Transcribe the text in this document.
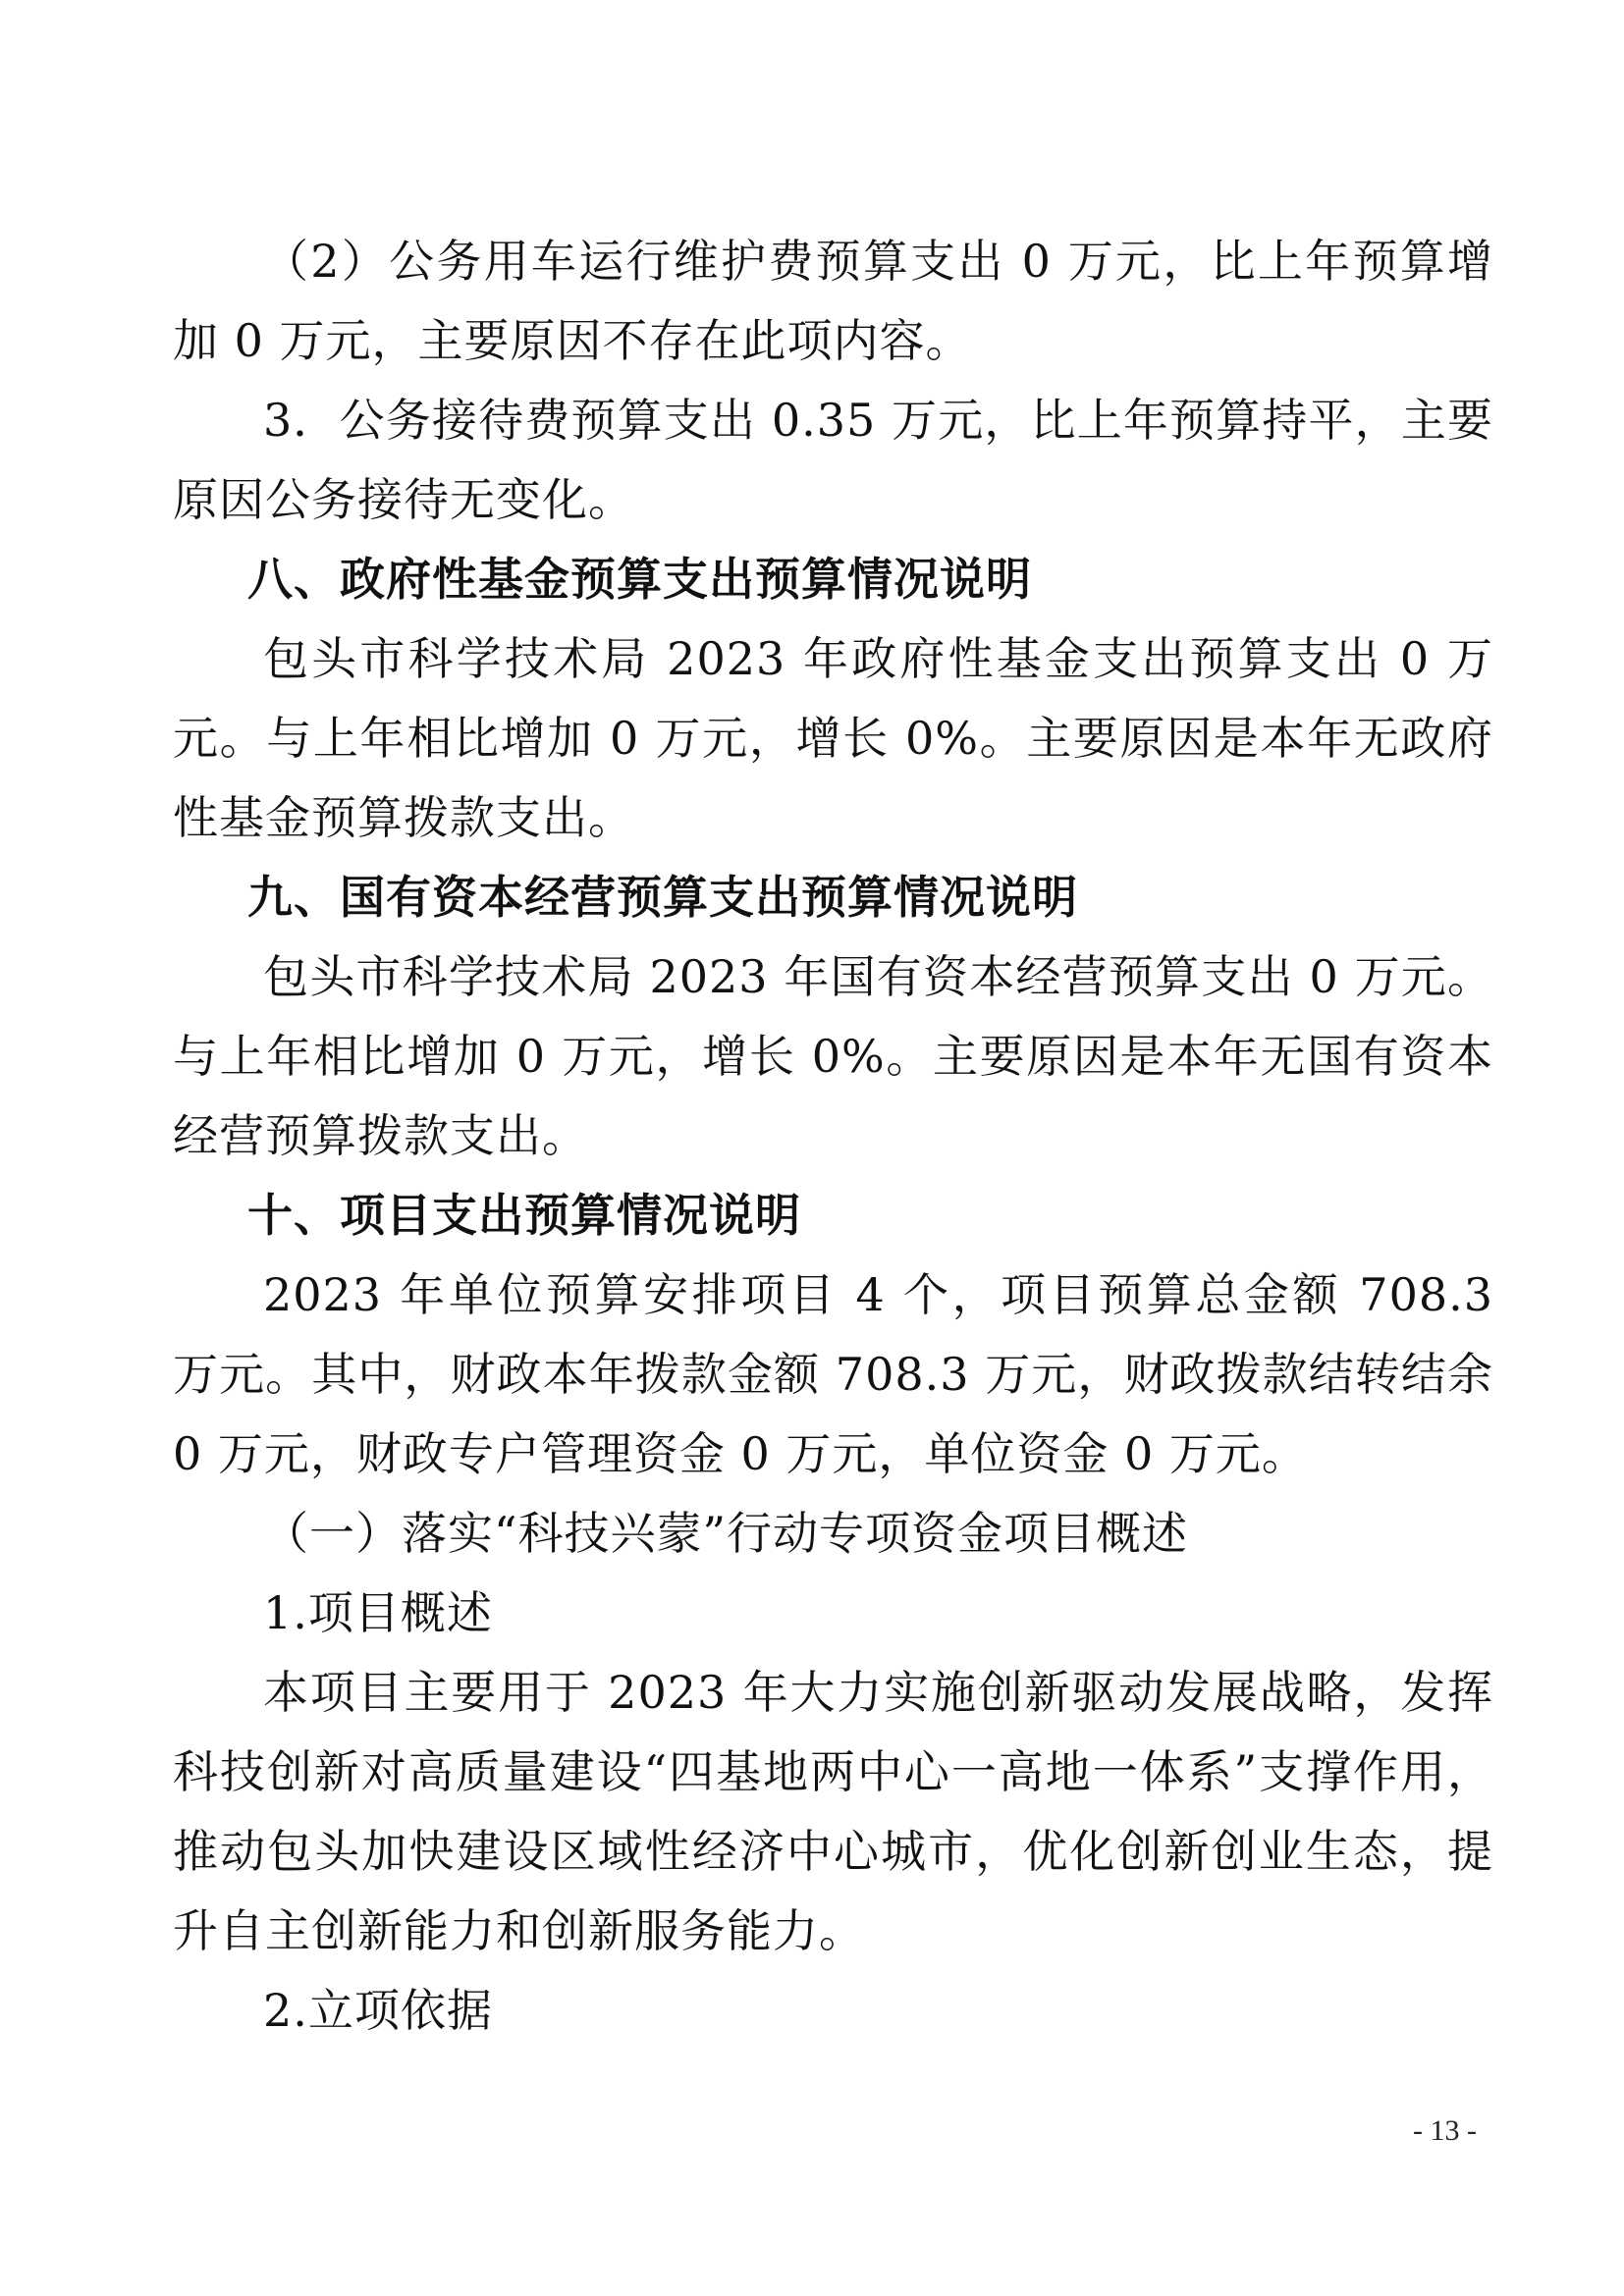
（2）公务用车运行维护费预算支出 0 万元，比上年预算增加 0 万元，主要原因不存在此项内容。

3．公务接待费预算支出 0.35 万元，比上年预算持平，主要原因公务接待无变化。

八、政府性基金预算支出预算情况说明

包头市科学技术局 2023 年政府性基金支出预算支出 0 万元。与上年相比增加 0 万元，增长 0%。主要原因是本年无政府性基金预算拨款支出。

九、国有资本经营预算支出预算情况说明

包头市科学技术局 2023 年国有资本经营预算支出 0 万元。与上年相比增加 0 万元，增长 0%。主要原因是本年无国有资本经营预算拨款支出。

十、项目支出预算情况说明

2023 年单位预算安排项目 4 个，项目预算总金额 708.3 万元。其中，财政本年拨款金额 708.3 万元，财政拨款结转结余 0 万元，财政专户管理资金 0 万元，单位资金 0 万元。

（一）落实“科技兴蒙”行动专项资金项目概述

1.项目概述

本项目主要用于 2023 年大力实施创新驱动发展战略，发挥科技创新对高质量建设“四基地两中心一高地一体系”支撑作用，推动包头加快建设区域性经济中心城市，优化创新创业生态，提升自主创新能力和创新服务能力。

2.立项依据

- 13 -
